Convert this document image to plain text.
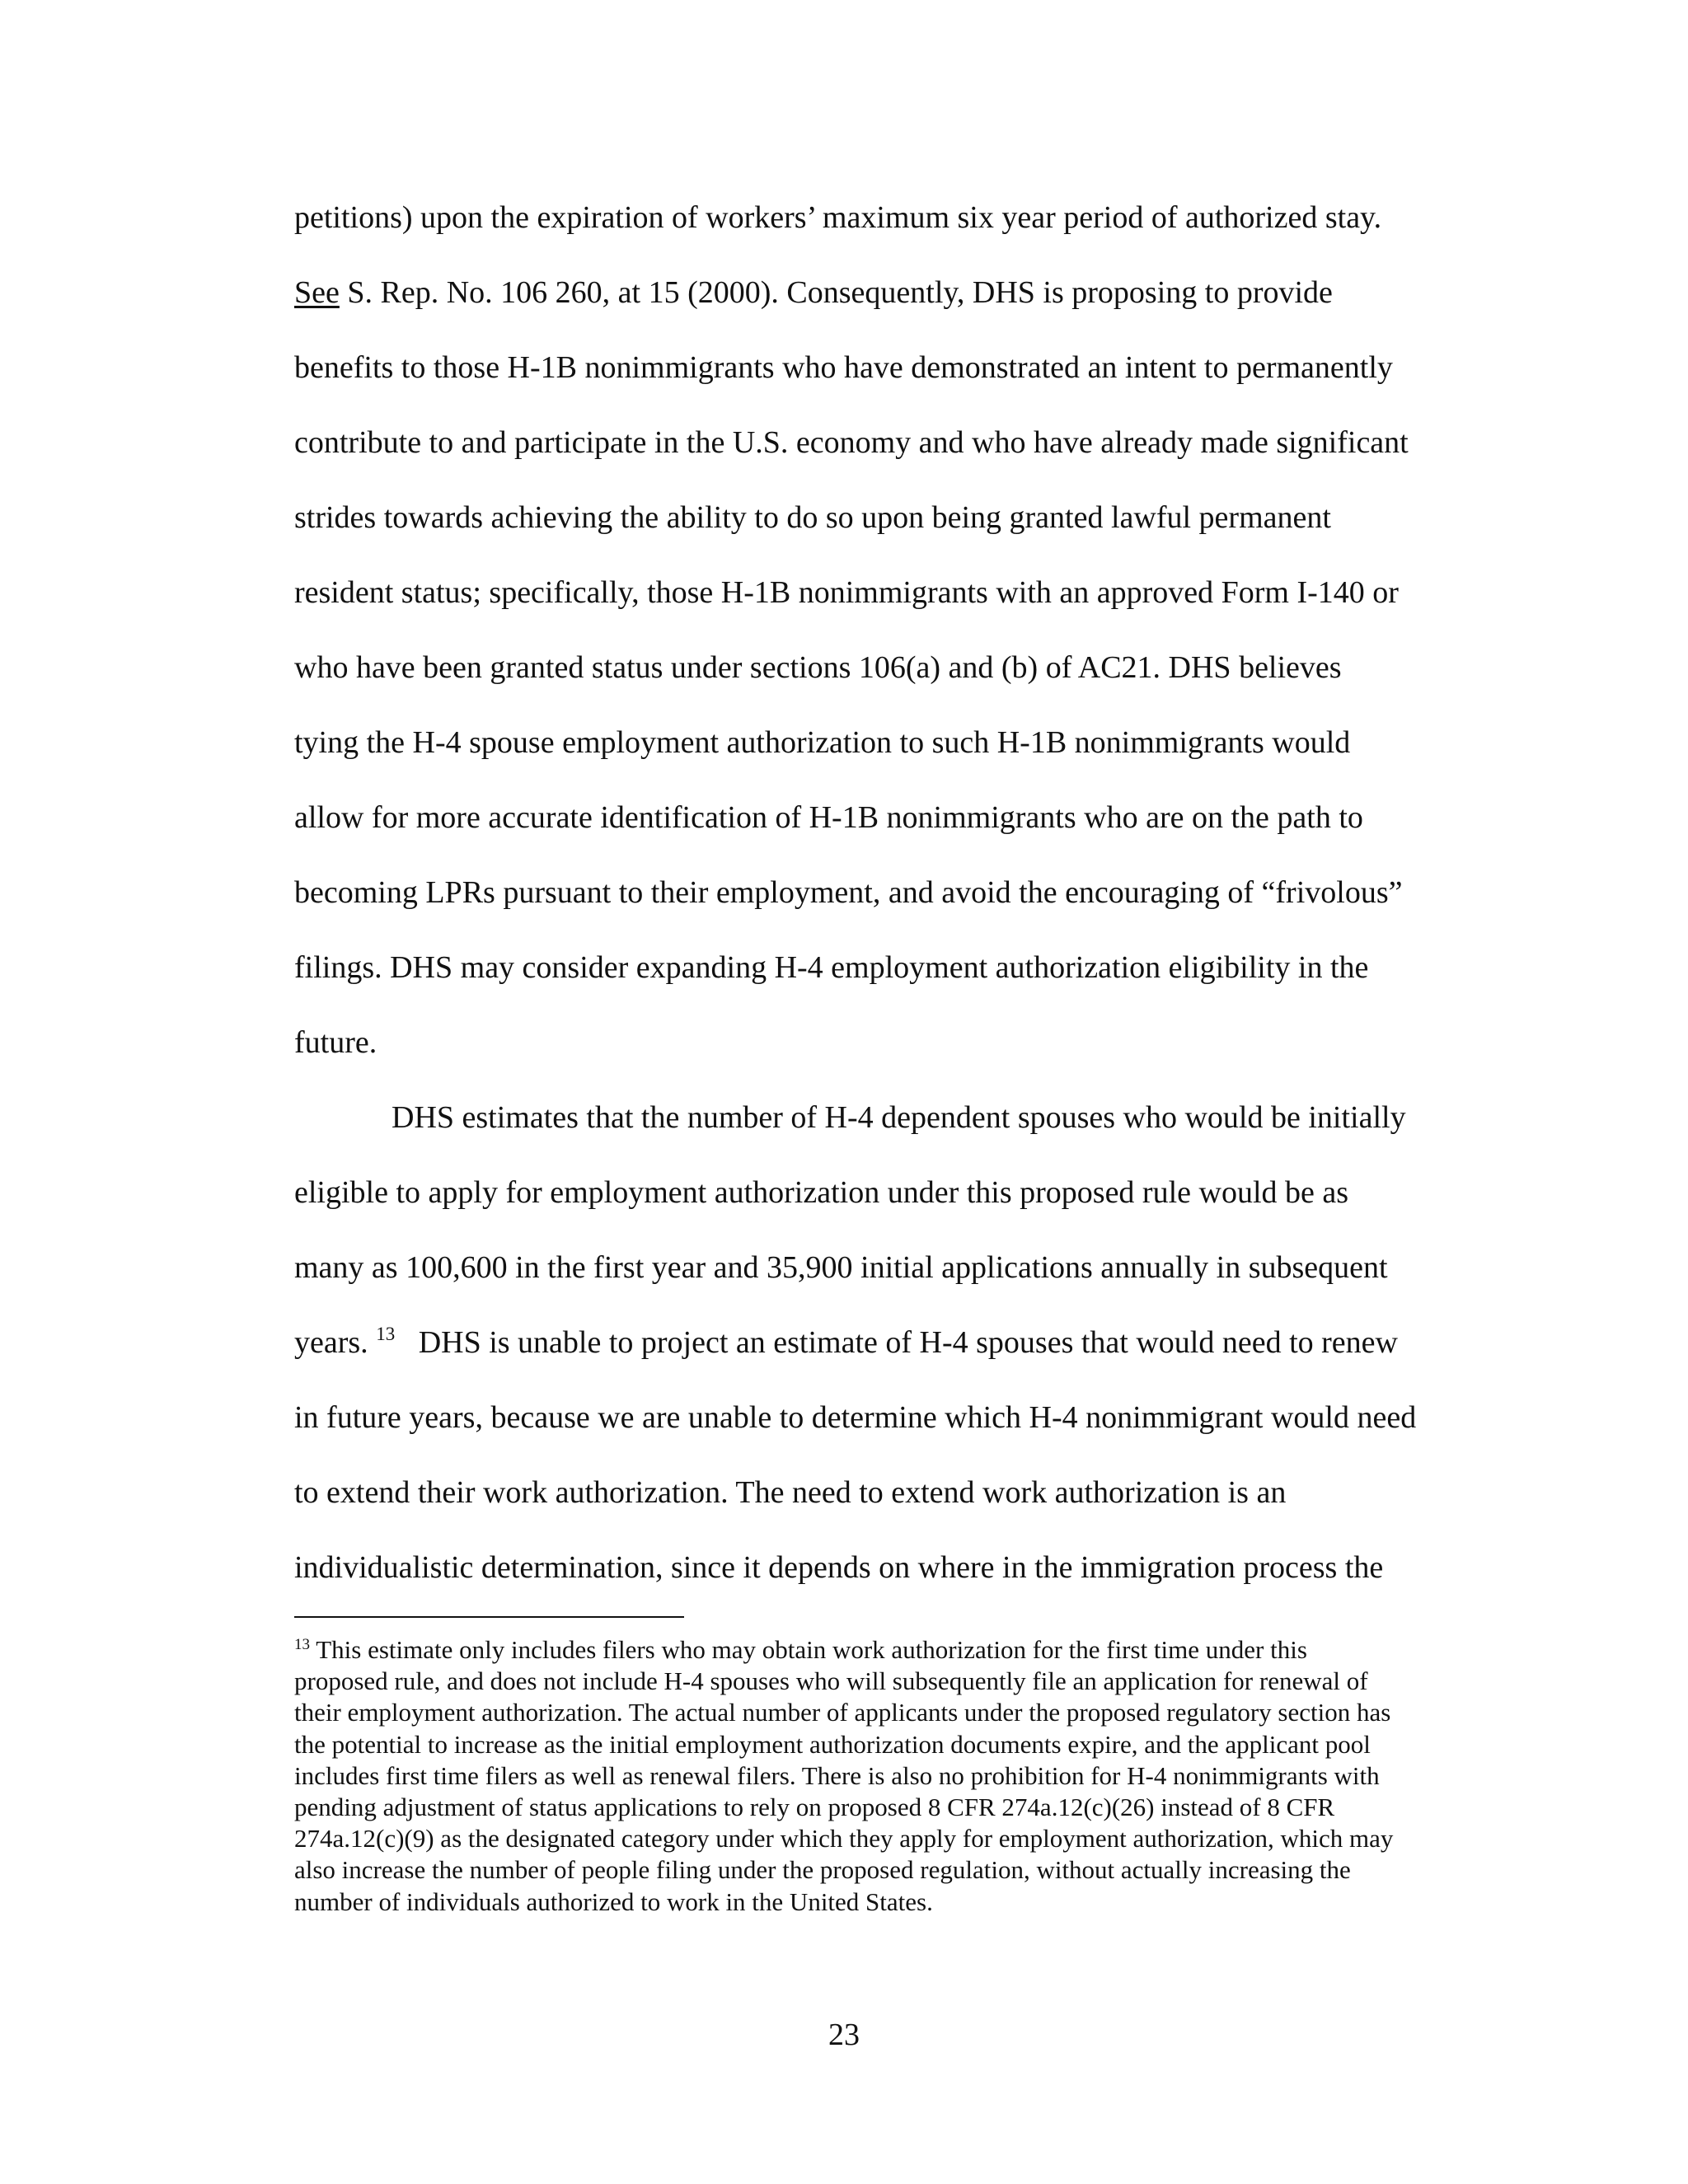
petitions) upon the expiration of workers’ maximum six year period of authorized stay.
See S. Rep. No. 106 260, at 15 (2000). Consequently, DHS is proposing to provide
benefits to those H-1B nonimmigrants who have demonstrated an intent to permanently
contribute to and participate in the U.S. economy and who have already made significant
strides towards achieving the ability to do so upon being granted lawful permanent
resident status; specifically, those H-1B nonimmigrants with an approved Form I-140 or
who have been granted status under sections 106(a) and (b) of AC21. DHS believes
tying the H-4 spouse employment authorization to such H-1B nonimmigrants would
allow for more accurate identification of H-1B nonimmigrants who are on the path to
becoming LPRs pursuant to their employment, and avoid the encouraging of “frivolous”
filings. DHS may consider expanding H-4 employment authorization eligibility in the
future.
DHS estimates that the number of H-4 dependent spouses who would be initially
eligible to apply for employment authorization under this proposed rule would be as
many as 100,600 in the first year and 35,900 initial applications annually in subsequent
years. $^{13}$ DHS is unable to project an estimate of H-4 spouses that would need to renew
in future years, because we are unable to determine which H-4 nonimmigrant would need
to extend their work authorization. The need to extend work authorization is an
individualistic determination, since it depends on where in the immigration process the
$^{13}$ This estimate only includes filers who may obtain work authorization for the first time under this
proposed rule, and does not include H-4 spouses who will subsequently file an application for renewal of
their employment authorization. The actual number of applicants under the proposed regulatory section has
the potential to increase as the initial employment authorization documents expire, and the applicant pool
includes first time filers as well as renewal filers. There is also no prohibition for H-4 nonimmigrants with
pending adjustment of status applications to rely on proposed 8 CFR 274a.12(c)(26) instead of 8 CFR
274a.12(c)(9) as the designated category under which they apply for employment authorization, which may
also increase the number of people filing under the proposed regulation, without actually increasing the
number of individuals authorized to work in the United States.
23
